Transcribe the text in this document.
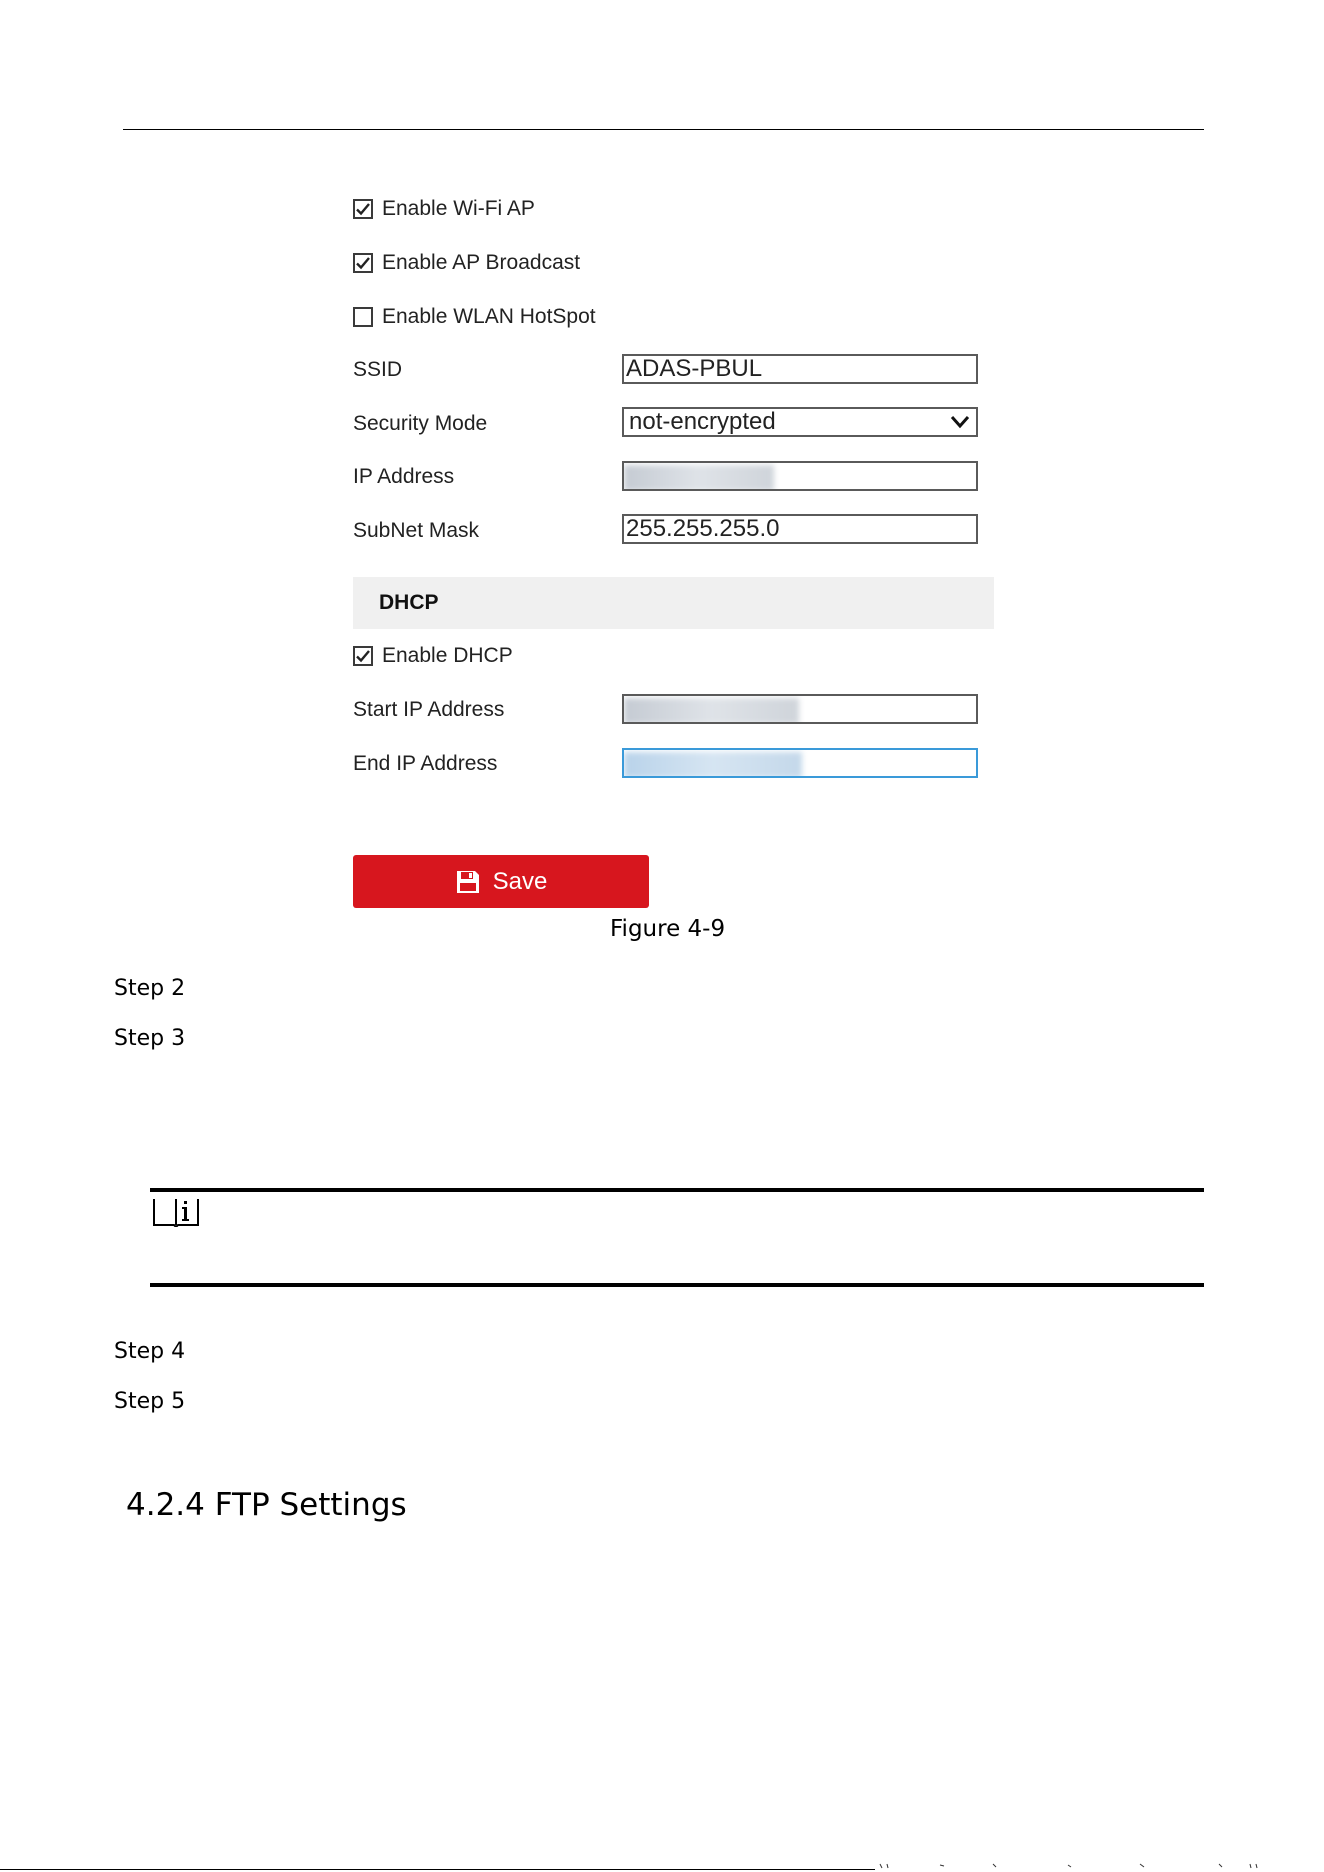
Enable Wi-Fi AP
Enable AP Broadcast
Enable WLAN HotSpot
SSID	ADAS-PBUL
Security Mode	not-encrypted
IP Address
SubNet Mask	255.255.255.0
DHCP
Enable DHCP
Start IP Address
End IP Address
Save
Figure 4-9
Step 2
Step 3
Step 4
Step 5
4.2.4 FTP Settings
